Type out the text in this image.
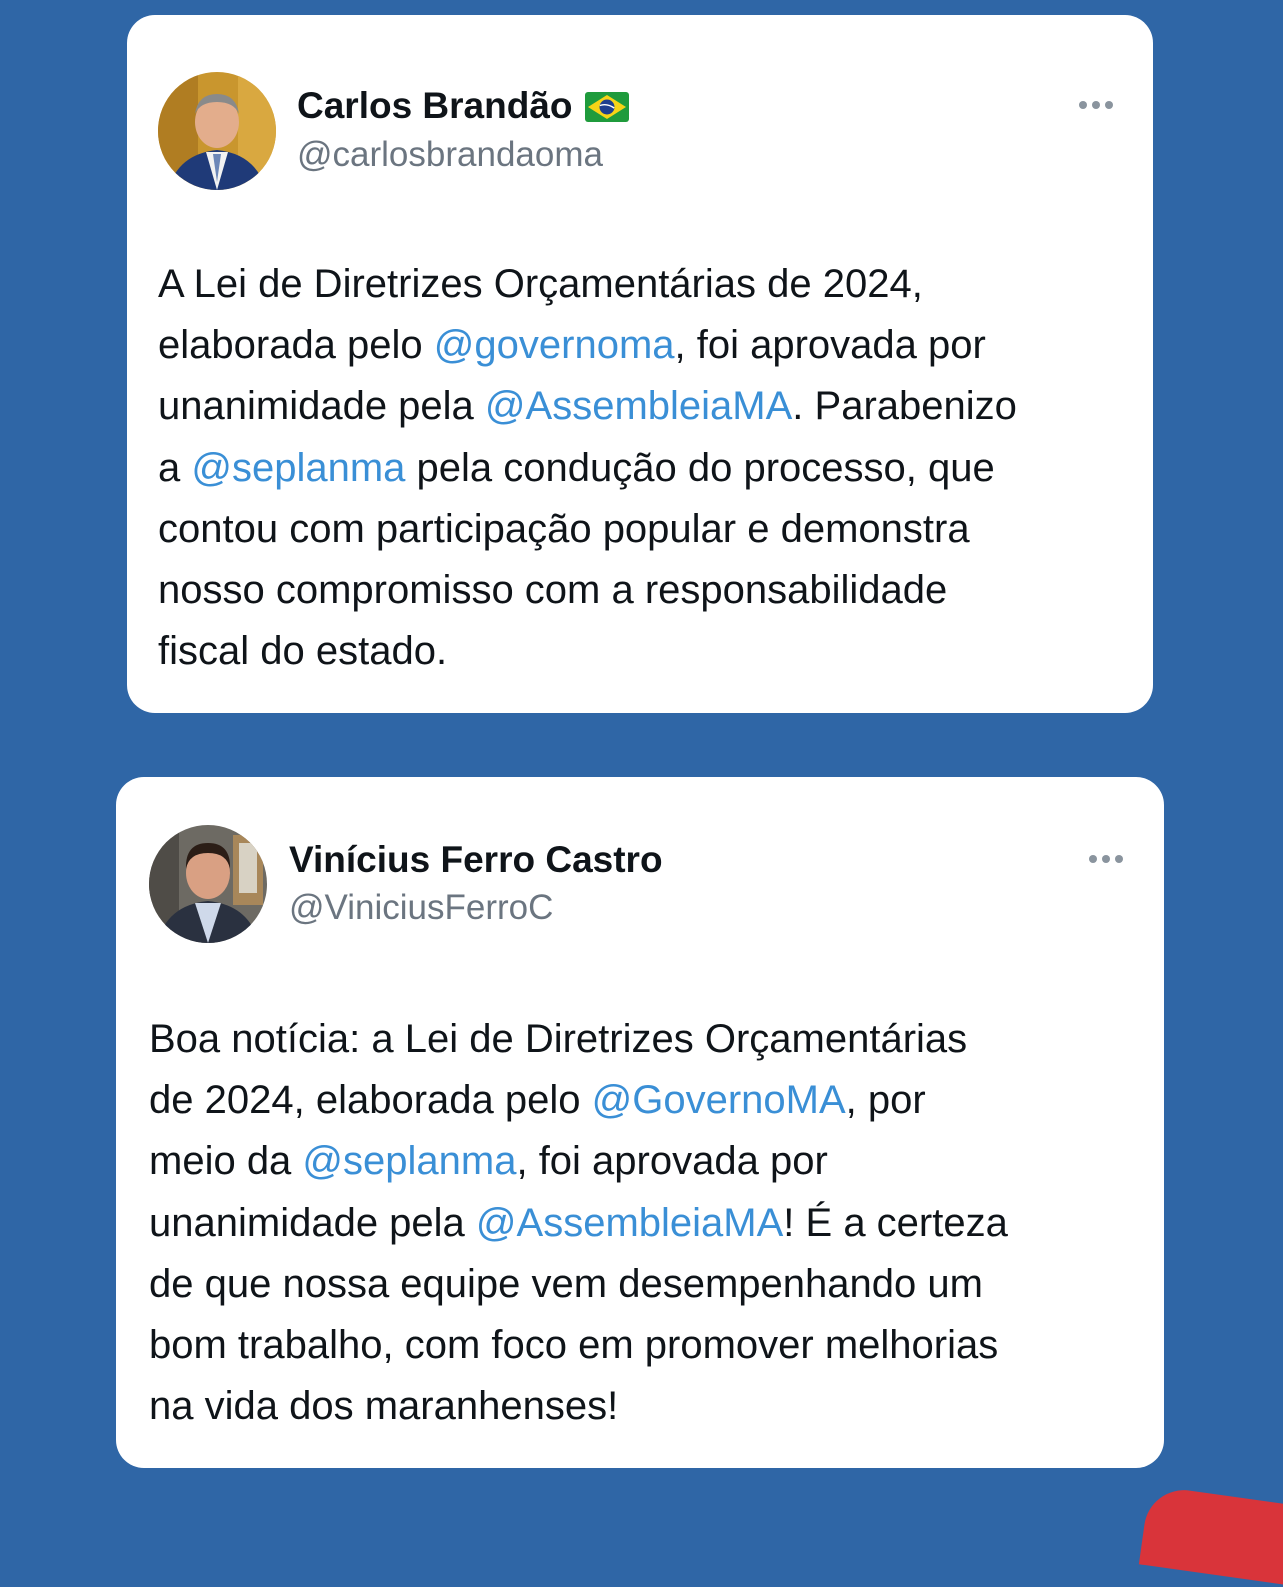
Carlos Brandão
@carlosbrandaoma

A Lei de Diretrizes Orçamentárias de 2024,
elaborada pelo @governoma, foi aprovada por
unanimidade pela @AssembleiaMA. Parabenizo
a @seplanma pela condução do processo, que
contou com participação popular e demonstra
nosso compromisso com a responsabilidade
fiscal do estado.

Vinícius Ferro Castro
@ViniciusFerroC

Boa notícia: a Lei de Diretrizes Orçamentárias
de 2024, elaborada pelo @GovernoMA, por
meio da @seplanma, foi aprovada por
unanimidade pela @AssembleiaMA! É a certeza
de que nossa equipe vem desempenhando um
bom trabalho, com foco em promover melhorias
na vida dos maranhenses!
